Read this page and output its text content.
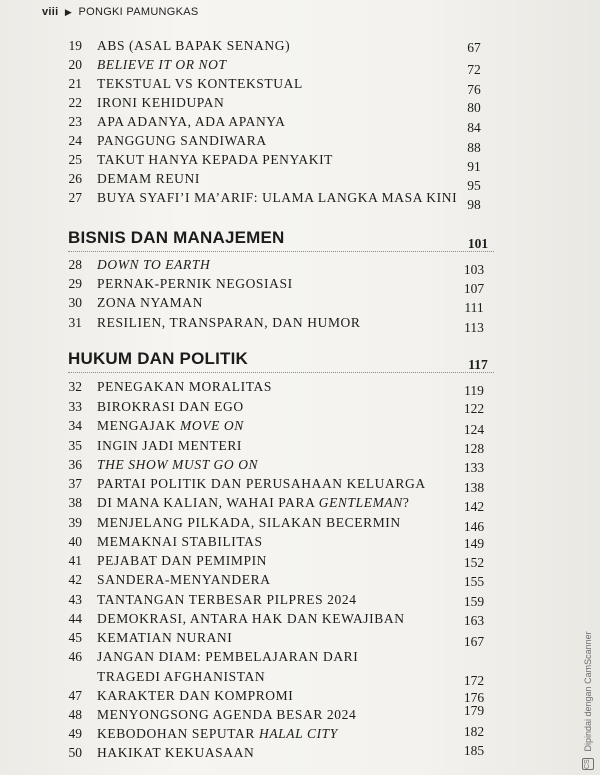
viii ▶ PONGKI PAMUNGKAS
19 ABS (ASAL BAPAK SENANG)	67
20 BELIEVE IT OR NOT	72
21 TEKSTUAL VS KONTEKSTUAL	76
22 IRONI KEHIDUPAN	80
23 APA ADANYA, ADA APANYA	84
24 PANGGUNG SANDIWARA	88
25 TAKUT HANYA KEPADA PENYAKIT	91
26 DEMAM REUNI	95
27 BUYA SYAFI’I MA’ARIF: ULAMA LANGKA MASA KINI 98
BISNIS DAN MANAJEMEN	101
28 DOWN TO EARTH	103
29 PERNAK-PERNIK NEGOSIASI	107
30 ZONA NYAMAN	111
31 RESILIEN, TRANSPARAN, DAN HUMOR	113
HUKUM DAN POLITIK	117
32 PENEGAKAN MORALITAS	119
33 BIROKRASI DAN EGO	122
34 MENGAJAK MOVE ON	124
35 INGIN JADI MENTERI	128
36 THE SHOW MUST GO ON	133
37 PARTAI POLITIK DAN PERUSAHAAN KELUARGA	138
38 DI MANA KALIAN, WAHAI PARA GENTLEMAN?	142
39 MENJELANG PILKADA, SILAKAN BECERMIN	146
40 MEMAKNAI STABILITAS	149
41 PEJABAT DAN PEMIMPIN	152
42 SANDERA-MENYANDERA	155
43 TANTANGAN TERBESAR PILPRES 2024	159
44 DEMOKRASI, ANTARA HAK DAN KEWAJIBAN	163
45 KEMATIAN NURANI	167
46 JANGAN DIAM: PEMBELAJARAN DARI
TRAGEDI AFGHANISTAN	172
47 KARAKTER DAN KOMPROMI	176
48 MENYONGSONG AGENDA BESAR 2024	179
49 KEBODOHAN SEPUTAR HALAL CITY	182
50 HAKIKAT KEKUASAAN	185
CS Dipindai dengan CamScanner
